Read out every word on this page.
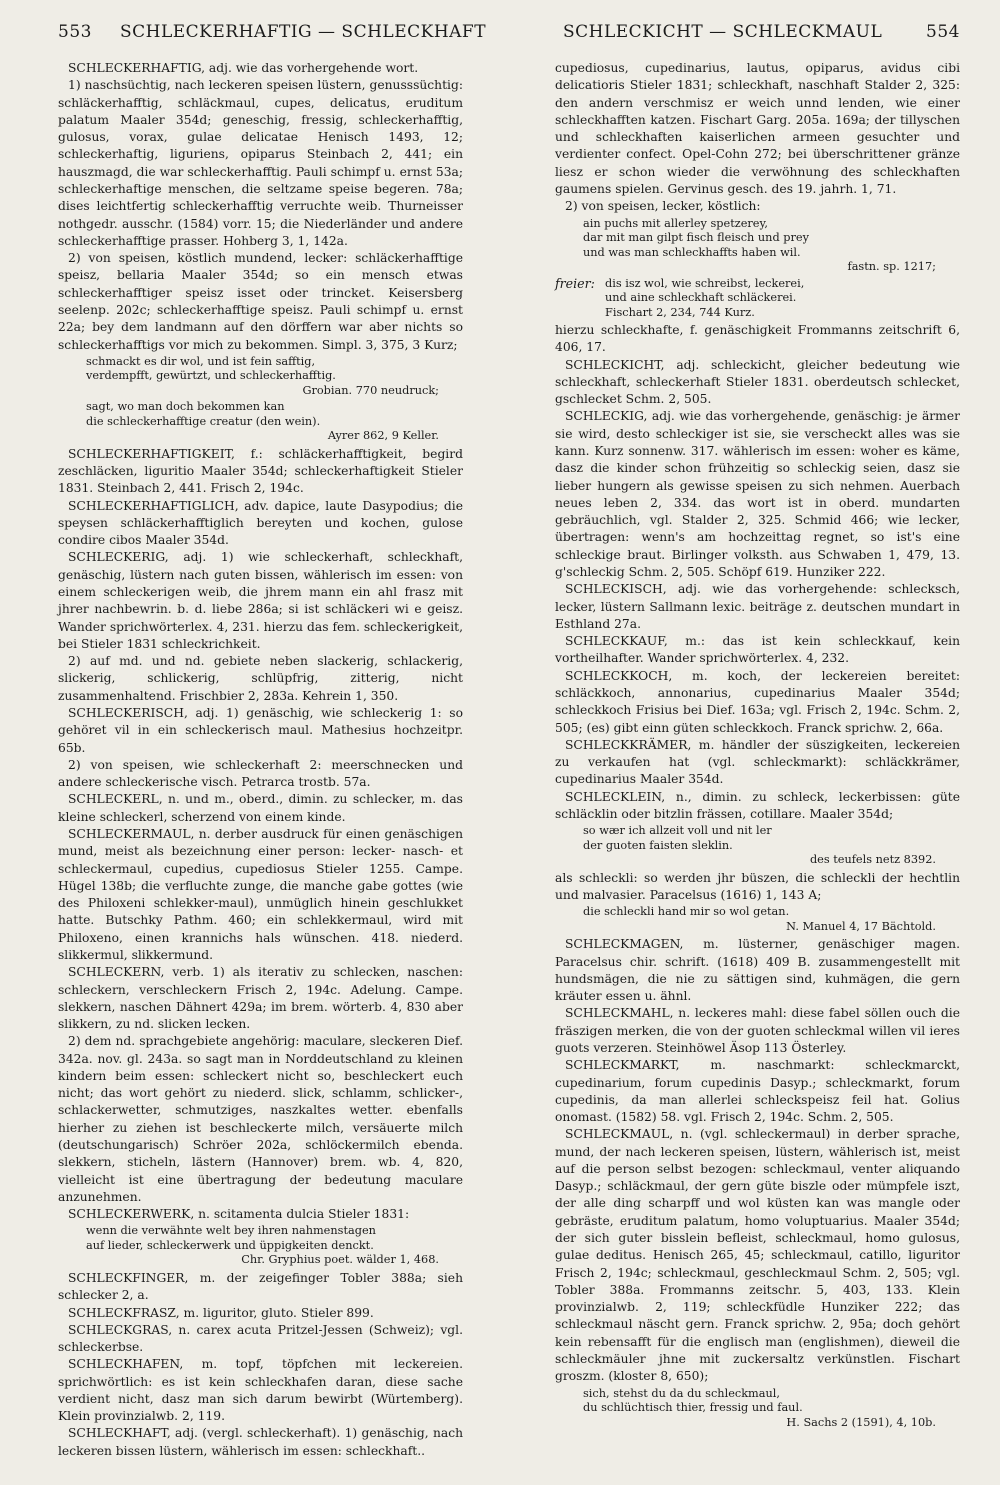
553 SCHLECKERHAFTIG — SCHLECKHAFT	SCHLECKICHT — SCHLECKMAUL	554

SCHLECKERHAFTIG, adj. wie das vorhergehende wort.

1) naschsüchtig, nach leckeren speisen lüstern, genusssüchtig: schläckerhafftig, schläckmaul, cupes, delicatus, eruditum palatum Maaler 354d; geneschig, fressig, schleckerhafftig, gulosus, vorax, gulae delicatae Henisch 1493, 12; schleckerhaftig, liguriens, opiparus Steinbach 2, 441; ein hauszmagd, die war schleckerhafftig. Pauli schimpf u. ernst 53a; schleckerhaftige menschen, die seltzame speise begeren. 78a; dises leichtfertig schleckerhafftig verruchte weib. Thurneisser nothgedr. ausschr. (1584) vorr. 15; die Niederländer und andere schleckerhafftige prasser. Hohberg 3, 1, 142a.

2) von speisen, köstlich mundend, lecker: schläckerhafftige speisz, bellaria Maaler 354d; so ein mensch etwas schleckerhafftiger speisz isset oder trincket. Keisersberg seelenp. 202c; schleckerhafftige speisz. Pauli schimpf u. ernst 22a; bey dem landmann auf den dörffern war aber nichts so schleckerhafftigs vor mich zu bekommen. Simpl. 3, 375, 3 Kurz;

schmackt es dir wol, und ist fein safftig,
verdempfft, gewürtzt, und schleckerhafftig.
Grobian. 770 neudruck;
sagt, wo man doch bekommen kan
die schleckerhafftige creatur (den wein).
Ayrer 862, 9 Keller.

SCHLECKERHAFTIGKEIT, f.: schläckerhafftigkeit, begird zeschläcken, liguritio Maaler 354d; schleckerhaftigkeit Stieler 1831. Steinbach 2, 441. Frisch 2, 194c.

SCHLECKERHAFTIGLICH, adv. dapice, laute Dasypodius; die speysen schläckerhafftiglich bereyten und kochen, gulose condire cibos Maaler 354d.

SCHLECKERIG, adj. 1) wie schleckerhaft, schleckhaft, genäschig, lüstern nach guten bissen, wählerisch im essen: von einem schleckerigen weib, die jhrem mann ein ahl frasz mit jhrer nachbewrin. b. d. liebe 286a; si ist schläckeri wi e geisz. Wander sprichwörterlex. 4, 231. hierzu das fem. schleckerigkeit, bei Stieler 1831 schleckrichkeit.

2) auf md. und nd. gebiete neben slackerig, schlackerig, slickerig, schlickerig, schlüpfrig, zitterig, nicht zusammenhaltend. Frischbier 2, 283a. Kehrein 1, 350.

SCHLECKERISCH, adj. 1) genäschig, wie schleckerig 1: so gehöret vil in ein schleckerisch maul. Mathesius hochzeitpr. 65b.

2) von speisen, wie schleckerhaft 2: meerschnecken und andere schleckerische visch. Petrarca trostb. 57a.

SCHLECKERL, n. und m., oberd., dimin. zu schlecker, m. das kleine schleckerl, scherzend von einem kinde.

SCHLECKERMAUL, n. derber ausdruck für einen genäschigen mund, meist als bezeichnung einer person: lecker- nasch- et schleckermaul, cupedius, cupediosus Stieler 1255. Campe. Hügel 138b; die verfluchte zunge, die manche gabe gottes (wie des Philoxeni schlekker-maul), unmüglich hinein geschlukket hatte. Butschky Pathm. 460; ein schlekkermaul, wird mit Philoxeno, einen krannichs hals wünschen. 418. niederd. slikkermul, slikkermund.

SCHLECKERN, verb. 1) als iterativ zu schlecken, naschen: schleckern, verschleckern Frisch 2, 194c. Adelung. Campe. slekkern, naschen Dähnert 429a; im brem. wörterb. 4, 830 aber slikkern, zu nd. slicken lecken.

2) dem nd. sprachgebiete angehörig: maculare, sleckeren Dief. 342a. nov. gl. 243a. so sagt man in Norddeutschland zu kleinen kindern beim essen: schleckert nicht so, beschleckert euch nicht; das wort gehört zu niederd. slick, schlamm, schlicker-, schlackerwetter, schmutziges, naszkaltes wetter. ebenfalls hierher zu ziehen ist beschleckerte milch, versäuerte milch (deutschungarisch) Schröer 202a, schlöckermilch ebenda. slekkern, sticheln, lästern (Hannover) brem. wb. 4, 820, vielleicht ist eine übertragung der bedeutung maculare anzunehmen.

SCHLECKERWERK, n. scitamenta dulcia Stieler 1831:

wenn die verwähnte welt bey ihren nahmenstagen
auf lieder, schleckerwerk und üppigkeiten denckt.
Chr. Gryphius poet. wälder 1, 468.

SCHLECKFINGER, m. der zeigefinger Tobler 388a; sieh schlecker 2, a.

SCHLECKFRASZ, m. liguritor, gluto. Stieler 899.

SCHLECKGRAS, n. carex acuta Pritzel-Jessen (Schweiz); vgl. schleckerbse.

SCHLECKHAFEN, m. topf, töpfchen mit leckereien. sprichwörtlich: es ist kein schleckhafen daran, diese sache verdient nicht, dasz man sich darum bewirbt (Würtemberg). Klein provinzialwb. 2, 119.

SCHLECKHAFT, adj. (vergl. schleckerhaft). 1) genäschig, nach leckeren bissen lüstern, wählerisch im essen: schleckhaft..

cupediosus, cupedinarius, lautus, opiparus, avidus cibi delicatioris Stieler 1831; schleckhaft, naschhaft Stalder 2, 325: den andern verschmisz er weich unnd lenden, wie einer schleckhafften katzen. Fischart Garg. 205a. 169a; der tillyschen und schleckhaften kaiserlichen armeen gesuchter und verdienter confect. Opel-Cohn 272; bei überschrittener gränze liesz er schon wieder die verwöhnung des schleckhaften gaumens spielen. Gervinus gesch. des 19. jahrh. 1, 71.

2) von speisen, lecker, köstlich:

ain puchs mit allerley spetzerey,
dar mit man gilpt fisch fleisch und prey
und was man schleckhaffts haben wil.
fastn. sp. 1217;
freier: dis isz wol, wie schreibst, leckerei,
und aine schleckhaft schläckerei.
Fischart 2, 234, 744 Kurz.

hierzu schleckhafte, f. genäschigkeit Frommanns zeitschrift 6, 406, 17.

SCHLECKICHT, adj. schleckicht, gleicher bedeutung wie schleckhaft, schleckerhaft Stieler 1831. oberdeutsch schlecket, gschlecket Schm. 2, 505.

SCHLECKIG, adj. wie das vorhergehende, genäschig: je ärmer sie wird, desto schleckiger ist sie, sie verscheckt alles was sie kann. Kurz sonnenw. 317. wählerisch im essen: woher es käme, dasz die kinder schon frühzeitig so schleckig seien, dasz sie lieber hungern als gewisse speisen zu sich nehmen. Auerbach neues leben 2, 334. das wort ist in oberd. mundarten gebräuchlich, vgl. Stalder 2, 325. Schmid 466; wie lecker, übertragen: wenn's am hochzeittag regnet, so ist's eine schleckige braut. Birlinger volksth. aus Schwaben 1, 479, 13. g'schleckig Schm. 2, 505. Schöpf 619. Hunziker 222.

SCHLECKISCH, adj. wie das vorhergehende: schlecksch, lecker, lüstern Sallmann lexic. beiträge z. deutschen mundart in Esthland 27a.

SCHLECKKAUF, m.: das ist kein schleckkauf, kein vortheilhafter. Wander sprichwörterlex. 4, 232.

SCHLECKKOCH, m. koch, der leckereien bereitet: schläckkoch, annonarius, cupedinarius Maaler 354d; schleckkoch Frisius bei Dief. 163a; vgl. Frisch 2, 194c. Schm. 2, 505; (es) gibt einn güten schleckkoch. Franck sprichw. 2, 66a.

SCHLECKKRÄMER, m. händler der süszigkeiten, leckereien zu verkaufen hat (vgl. schleckmarkt): schläckkrämer, cupedinarius Maaler 354d.

SCHLECKLEIN, n., dimin. zu schleck, leckerbissen: güte schläcklin oder bitzlin frässen, cotillare. Maaler 354d;

so wær ich allzeit voll und nit ler
der guoten faisten sleklin.
des teufels netz 8392.

als schleckli: so werden jhr büszen, die schleckli der hechtlin und malvasier. Paracelsus (1616) 1, 143 A;

die schleckli hand mir so wol getan.
N. Manuel 4, 17 Bächtold.

SCHLECKMAGEN, m. lüsterner, genäschiger magen. Paracelsus chir. schrift. (1618) 409 B. zusammengestellt mit hundsmägen, die nie zu sättigen sind, kuhmägen, die gern kräuter essen u. ähnl.

SCHLECKMAHL, n. leckeres mahl: diese fabel söllen ouch die fräszigen merken, die von der guoten schleckmal willen vil ieres guots verzeren. Steinhöwel Äsop 113 Österley.

SCHLECKMARKT, m. naschmarkt: schleckmarckt, cupedinarium, forum cupedinis Dasyp.; schleckmarkt, forum cupedinis, da man allerlei schleckspeisz feil hat. Golius onomast. (1582) 58. vgl. Frisch 2, 194c. Schm. 2, 505.

SCHLECKMAUL, n. (vgl. schleckermaul) in derber sprache, mund, der nach leckeren speisen, lüstern, wählerisch ist, meist auf die person selbst bezogen: schleckmaul, venter aliquando Dasyp.; schläckmaul, der gern güte biszle oder mümpfele iszt, der alle ding scharpff und wol küsten kan was mangle oder gebräste, eruditum palatum, homo voluptuarius. Maaler 354d; der sich guter bisslein befleist, schleckmaul, homo gulosus, gulae deditus. Henisch 265, 45; schleckmaul, catillo, liguritor Frisch 2, 194c; schleckmaul, geschleckmaul Schm. 2, 505; vgl. Tobler 388a. Frommanns zeitschr. 5, 403, 133. Klein provinzialwb. 2, 119; schleckfüdle Hunziker 222; das schleckmaul näscht gern. Franck sprichw. 2, 95a; doch gehört kein rebensafft für die englisch man (englishmen), dieweil die schleckmäuler jhne mit zuckersaltz verkünstlen. Fischart groszm. (kloster 8, 650);

sich, stehst du da du schleckmaul,
du schlüchtisch thier, fressig und faul.
H. Sachs 2 (1591), 4, 10b.
